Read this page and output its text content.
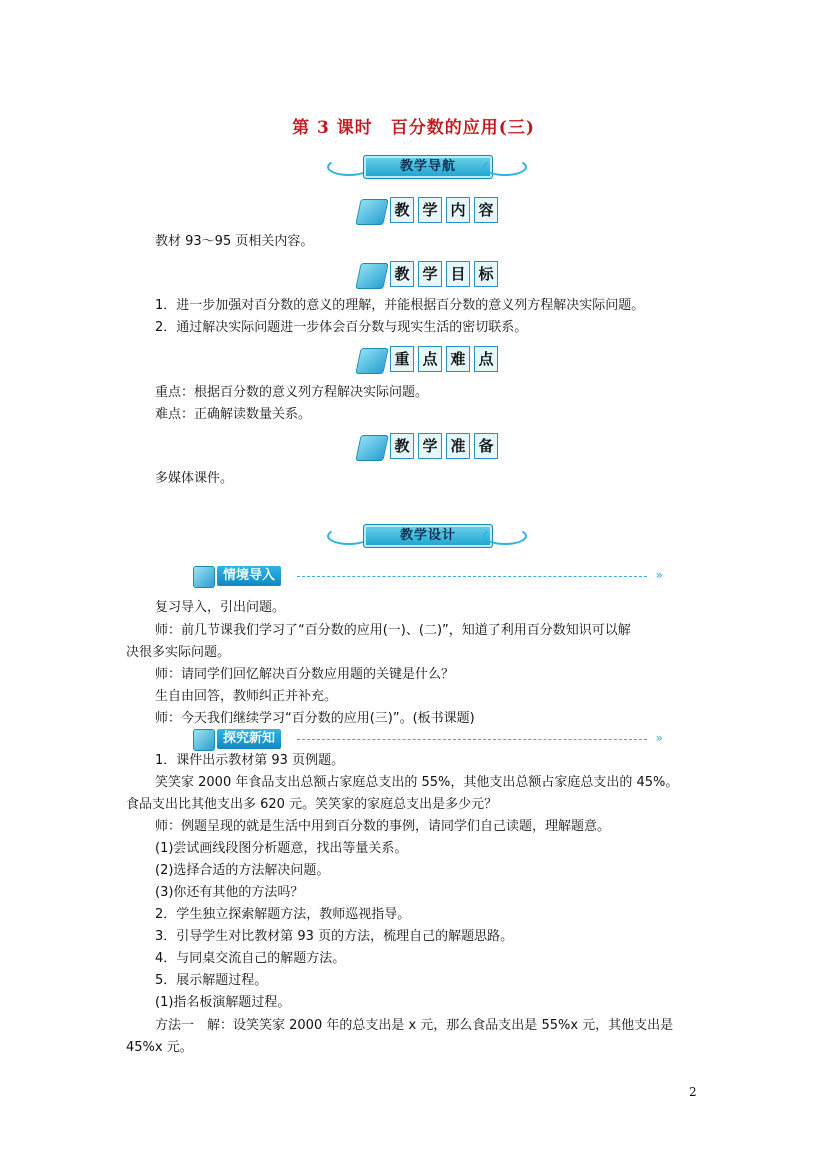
第 3 课时　百分数的应用(三)
教学导航
教 学 内 容
教材 93～95 页相关内容。
教 学 目 标
1．进一步加强对百分数的意义的理解，并能根据百分数的意义列方程解决实际问题。
2．通过解决实际问题进一步体会百分数与现实生活的密切联系。
重 点 难 点
重点：根据百分数的意义列方程解决实际问题。
难点：正确解读数量关系。
教 学 准 备
多媒体课件。
教学设计
情境导入	»
复习导入，引出问题。
师：前几节课我们学习了“百分数的应用(一)、(二)”，知道了利用百分数知识可以解
决很多实际问题。
师：请同学们回忆解决百分数应用题的关键是什么？
生自由回答，教师纠正并补充。
师：今天我们继续学习“百分数的应用(三)”。(板书课题)
探究新知	»
1．课件出示教材第 93 页例题。
笑笑家 2000 年食品支出总额占家庭总支出的 55%，其他支出总额占家庭总支出的 45%。
食品支出比其他支出多 620 元。笑笑家的家庭总支出是多少元？
师：例题呈现的就是生活中用到百分数的事例，请同学们自己读题，理解题意。
(1)尝试画线段图分析题意，找出等量关系。
(2)选择合适的方法解决问题。
(3)你还有其他的方法吗？
2．学生独立探索解题方法，教师巡视指导。
3．引导学生对比教材第 93 页的方法，梳理自己的解题思路。
4．与同桌交流自己的解题方法。
5．展示解题过程。
(1)指名板演解题过程。
方法一　解：设笑笑家 2000 年的总支出是 x 元，那么食品支出是 55%x 元，其他支出是
45%x 元。
2
